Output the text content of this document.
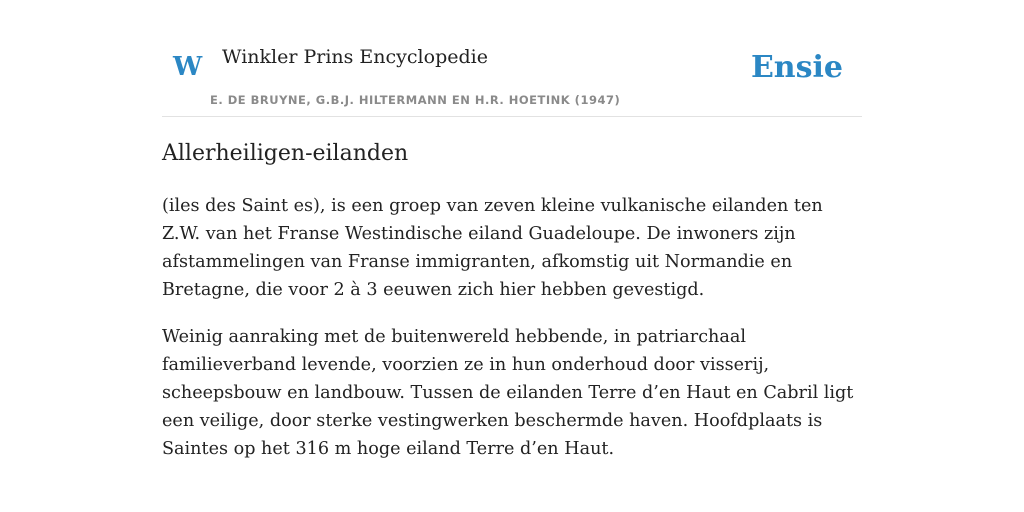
W Winkler Prins Encyclopedie
E. DE BRUYNE, G.B.J. HILTERMANN EN H.R. HOETINK (1947)
Ensie
Allerheiligen-eilanden

(iles des Saint es), is een groep van zeven kleine vulkanische eilanden ten Z.W. van het Franse Westindische eiland Guadeloupe. De inwoners zijn afstammelingen van Franse immigranten, afkomstig uit Normandie en Bretagne, die voor 2 à 3 eeuwen zich hier hebben gevestigd.

Weinig aanraking met de buitenwereld hebbende, in patriarchaal familieverband levende, voorzien ze in hun onderhoud door visserij, scheepsbouw en landbouw. Tussen de eilanden Terre d’en Haut en Cabril ligt een veilige, door sterke vestingwerken beschermde haven. Hoofdplaats is Saintes op het 316 m hoge eiland Terre d’en Haut.
